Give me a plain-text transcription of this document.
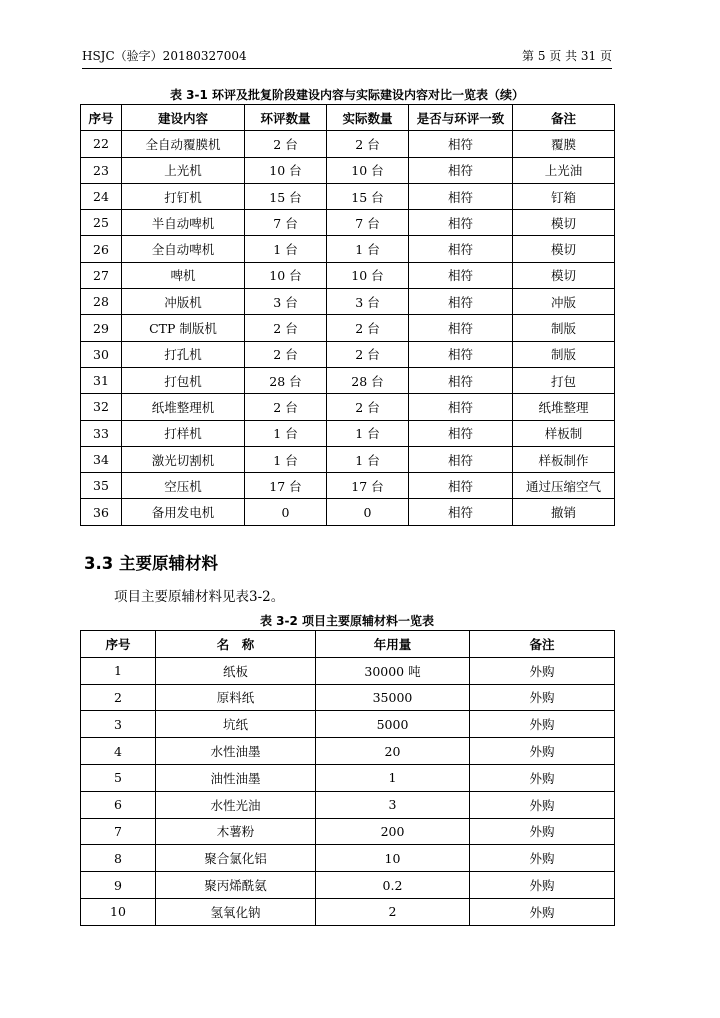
HSJC（验字）20180327004	第 5 页 共 31 页
表 3-1 环评及批复阶段建设内容与实际建设内容对比一览表（续）
序号	建设内容	环评数量	实际数量	是否与环评一致	备注
22	全自动覆膜机	2 台	2 台	相符	覆膜
23	上光机	10 台	10 台	相符	上光油
24	打钉机	15 台	15 台	相符	钉箱
25	半自动啤机	7 台	7 台	相符	模切
26	全自动啤机	1 台	1 台	相符	模切
27	啤机	10 台	10 台	相符	模切
28	冲版机	3 台	3 台	相符	冲版
29	CTP 制版机	2 台	2 台	相符	制版
30	打孔机	2 台	2 台	相符	制版
31	打包机	28 台	28 台	相符	打包
32	纸堆整理机	2 台	2 台	相符	纸堆整理
33	打样机	1 台	1 台	相符	样板制
34	激光切割机	1 台	1 台	相符	样板制作
35	空压机	17 台	17 台	相符	通过压缩空气
36	备用发电机	0	0	相符	撤销
3.3 主要原辅材料
项目主要原辅材料见表3-2。
表 3-2 项目主要原辅材料一览表
序号	名　称	年用量	备注
1	纸板	30000 吨	外购
2	原料纸	35000	外购
3	坑纸	5000	外购
4	水性油墨	20	外购
5	油性油墨	1	外购
6	水性光油	3	外购
7	木薯粉	200	外购
8	聚合氯化铝	10	外购
9	聚丙烯酰氨	0.2	外购
10	氢氧化钠	2	外购
